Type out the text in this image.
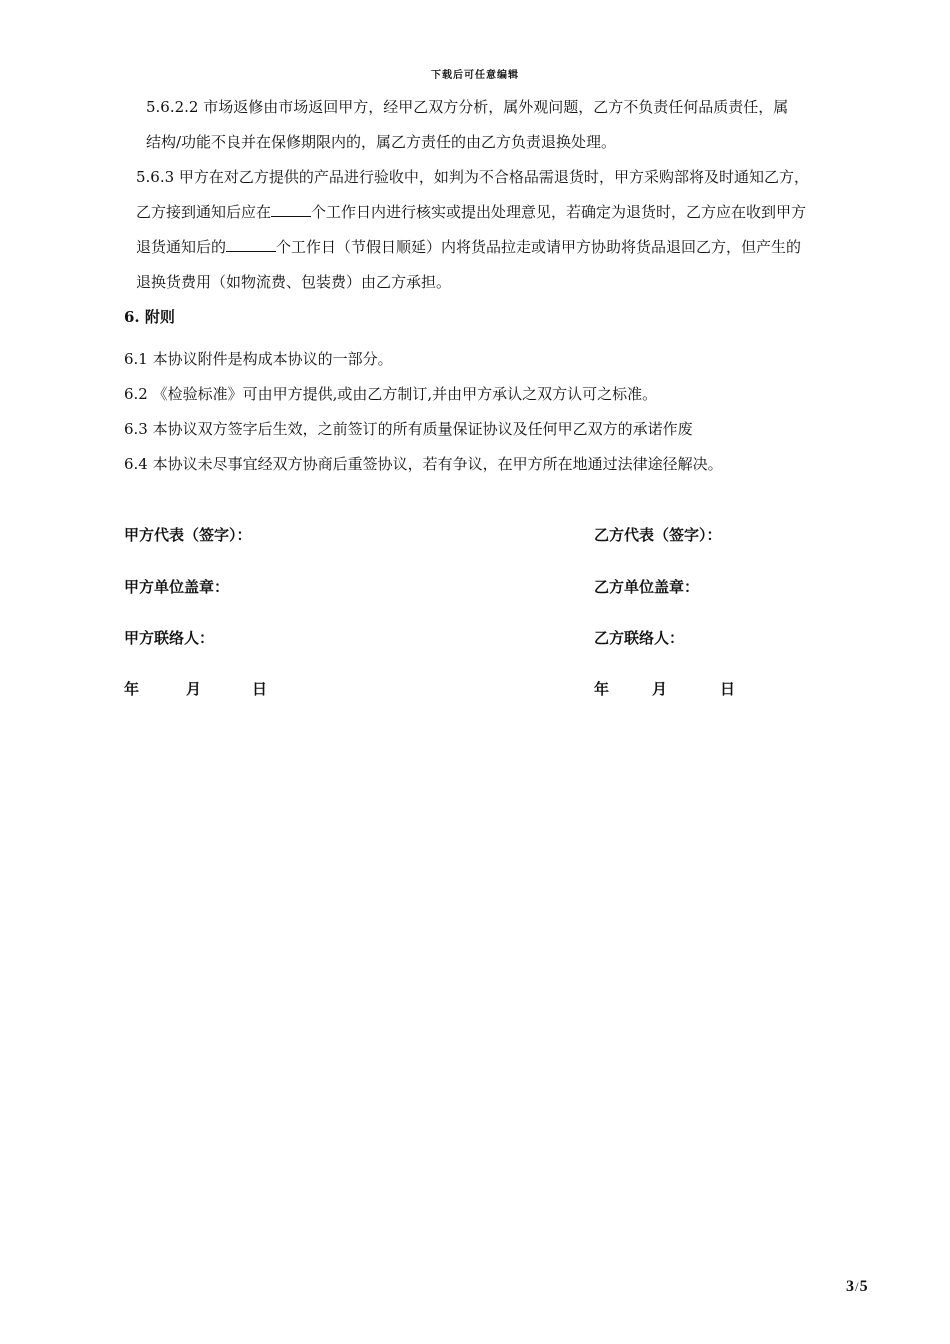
下载后可任意编辑
5.6.2.2 市场返修由市场返回甲方，经甲乙双方分析，属外观问题，乙方不负责任何品质责任，属
结构/功能不良并在保修期限内的，属乙方责任的由乙方负责退换处理。
5.6.3 甲方在对乙方提供的产品进行验收中，如判为不合格品需退货时，甲方采购部将及时通知乙方，
乙方接到通知后应在	个工作日内进行核实或提出处理意见，若确定为退货时，乙方应在收到甲方
退货通知后的	个工作日（节假日顺延）内将货品拉走或请甲方协助将货品退回乙方，但产生的
退换货费用（如物流费、包装费）由乙方承担。
6. 附则
6.1 本协议附件是构成本协议的一部分。
6.2 《检验标准》可由甲方提供,或由乙方制订,并由甲方承认之双方认可之标准。
6.3 本协议双方签字后生效，之前签订的所有质量保证协议及任何甲乙双方的承诺作废
6.4 本协议未尽事宜经双方协商后重签协议，若有争议，在甲方所在地通过法律途径解决。
甲方代表（签字）：
甲方单位盖章：
甲方联络人：
年	月	日
乙方代表（签字）：
乙方单位盖章：
乙方联络人：
年	月	日
3/5
